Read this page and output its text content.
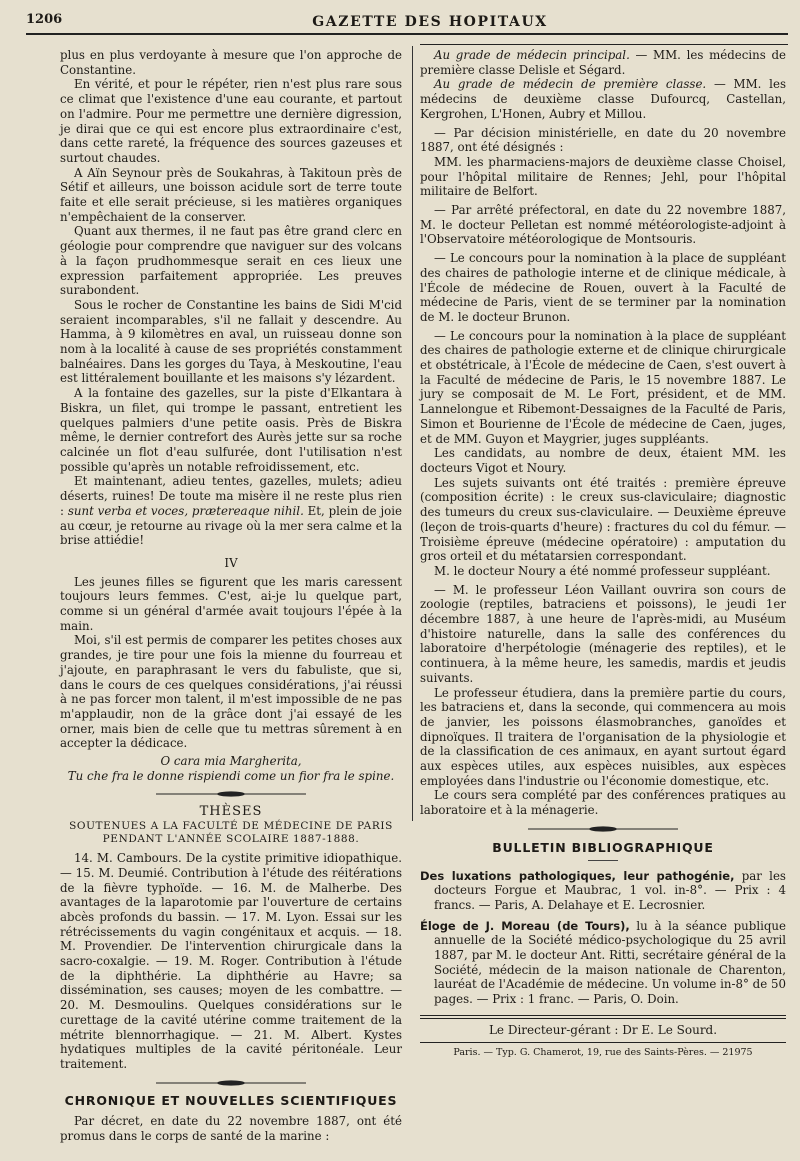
1206	GAZETTE DES HOPITAUX

plus en plus verdoyante à mesure que l'on approche de Constantine.

En vérité, et pour le répéter, rien n'est plus rare sous ce climat que l'existence d'une eau courante, et partout on l'admire. Pour me permettre une dernière digression, je dirai que ce qui est encore plus extraordinaire c'est, dans cette rareté, la fréquence des sources gazeuses et surtout chaudes.

A Aïn Seynour près de Soukahras, à Takitoun près de Sétif et ailleurs, une boisson acidule sort de terre toute faite et elle serait précieuse, si les matières organiques n'empêchaient de la conserver.

Quant aux thermes, il ne faut pas être grand clerc en géologie pour comprendre que naviguer sur des volcans à la façon prudhommesque serait en ces lieux une expression parfaitement appropriée. Les preuves surabondent.

Sous le rocher de Constantine les bains de Sidi M'cid seraient incomparables, s'il ne fallait y descendre. Au Hamma, à 9 kilomètres en aval, un ruisseau donne son nom à la localité à cause de ses propriétés constamment balnéaires. Dans les gorges du Taya, à Meskoutine, l'eau est littéralement bouillante et les maisons s'y lézardent.

A la fontaine des gazelles, sur la piste d'Elkantara à Biskra, un filet, qui trompe le passant, entretient les quelques palmiers d'une petite oasis. Près de Biskra même, le dernier contrefort des Aurès jette sur sa roche calcinée un flot d'eau sulfurée, dont l'utilisation n'est possible qu'après un notable refroidissement, etc.

Et maintenant, adieu tentes, gazelles, mulets; adieu déserts, ruines! De toute ma misère il ne reste plus rien : sunt verba et voces, prætereaque nihil. Et, plein de joie au cœur, je retourne au rivage où la mer sera calme et la brise attiédie!

IV

Les jeunes filles se figurent que les maris caressent toujours leurs femmes. C'est, ai-je lu quelque part, comme si un général d'armée avait toujours l'épée à la main.

Moi, s'il est permis de comparer les petites choses aux grandes, je tire pour une fois la mienne du fourreau et j'ajoute, en paraphrasant le vers du fabuliste, que si, dans le cours de ces quelques considérations, j'ai réussi à ne pas forcer mon talent, il m'est impossible de ne pas m'applaudir, non de la grâce dont j'ai essayé de les orner, mais bien de celle que tu mettras sûrement à en accepter la dédicace.

O cara mia Margherita,
Tu che fra le donne rispiendi come un fior fra le spine.
THÈSES
SOUTENUES A LA FACULTÉ DE MÉDECINE DE PARIS
PENDANT L'ANNÉE SCOLAIRE 1887-1888.

14. M. Cambours. De la cystite primitive idiopathique. — 15. M. Deumié. Contribution à l'étude des réitérations de la fièvre typhoïde. — 16. M. de Malherbe. Des avantages de la laparotomie par l'ouverture de certains abcès profonds du bassin. — 17. M. Lyon. Essai sur les rétrécissements du vagin congénitaux et acquis. — 18. M. Provendier. De l'intervention chirurgicale dans la sacro-coxalgie. — 19. M. Roger. Contribution à l'étude de la diphthérie. La diphthérie au Havre; sa dissémination, ses causes; moyen de les combattre. — 20. M. Desmoulins. Quelques considérations sur le curettage de la cavité utérine comme traitement de la métrite blennorrhagique. — 21. M. Albert. Kystes hydatiques multiples de la cavité péritonéale. Leur traitement.

CHRONIQUE ET NOUVELLES SCIENTIFIQUES

Par décret, en date du 22 novembre 1887, ont été promus dans le corps de santé de la marine :

Au grade de médecin principal. — MM. les médecins de première classe Delisle et Ségard.

Au grade de médecin de première classe. — MM. les médecins de deuxième classe Dufourcq, Castellan, Kergrohen, L'Honen, Aubry et Millou.

— Par décision ministérielle, en date du 20 novembre 1887, ont été désignés :

MM. les pharmaciens-majors de deuxième classe Choisel, pour l'hôpital militaire de Rennes; Jehl, pour l'hôpital militaire de Belfort.

— Par arrêté préfectoral, en date du 22 novembre 1887, M. le docteur Pelletan est nommé météorologiste-adjoint à l'Observatoire météorologique de Montsouris.

— Le concours pour la nomination à la place de suppléant des chaires de pathologie interne et de clinique médicale, à l'École de médecine de Rouen, ouvert à la Faculté de médecine de Paris, vient de se terminer par la nomination de M. le docteur Brunon.

— Le concours pour la nomination à la place de suppléant des chaires de pathologie externe et de clinique chirurgicale et obstétricale, à l'École de médecine de Caen, s'est ouvert à la Faculté de médecine de Paris, le 15 novembre 1887. Le jury se composait de M. Le Fort, président, et de MM. Lannelongue et Ribemont-Dessaignes de la Faculté de Paris, Simon et Bourienne de l'École de médecine de Caen, juges, et de MM. Guyon et Maygrier, juges suppléants.

Les candidats, au nombre de deux, étaient MM. les docteurs Vigot et Noury.

Les sujets suivants ont été traités : première épreuve (composition écrite) : le creux sus-claviculaire; diagnostic des tumeurs du creux sus-claviculaire. — Deuxième épreuve (leçon de trois-quarts d'heure) : fractures du col du fémur. — Troisième épreuve (médecine opératoire) : amputation du gros orteil et du métatarsien correspondant.

M. le docteur Noury a été nommé professeur suppléant.

— M. le professeur Léon Vaillant ouvrira son cours de zoologie (reptiles, batraciens et poissons), le jeudi 1er décembre 1887, à une heure de l'après-midi, au Muséum d'histoire naturelle, dans la salle des conférences du laboratoire d'herpétologie (ménagerie des reptiles), et le continuera, à la même heure, les samedis, mardis et jeudis suivants.

Le professeur étudiera, dans la première partie du cours, les batraciens et, dans la seconde, qui commencera au mois de janvier, les poissons élasmobranches, ganoïdes et dipnoïques. Il traitera de l'organisation de la physiologie et de la classification de ces animaux, en ayant surtout égard aux espèces utiles, aux espèces nuisibles, aux espèces employées dans l'industrie ou l'économie domestique, etc.

Le cours sera complété par des conférences pratiques au laboratoire et à la ménagerie.

BULLETIN BIBLIOGRAPHIQUE

Des luxations pathologiques, leur pathogénie, par les docteurs Forgue et Maubrac, 1 vol. in-8°. — Prix : 4 francs. — Paris, A. Delahaye et E. Lecrosnier.

Éloge de J. Moreau (de Tours), lu à la séance publique annuelle de la Société médico-psychologique du 25 avril 1887, par M. le docteur Ant. Ritti, secrétaire général de la Société, médecin de la maison nationale de Charenton, lauréat de l'Académie de médecine. Un volume in-8° de 50 pages. — Prix : 1 franc. — Paris, O. Doin.

Le Directeur-gérant : Dr E. Le Sourd.
Paris. — Typ. G. Chamerot, 19, rue des Saints-Pères. — 21975
